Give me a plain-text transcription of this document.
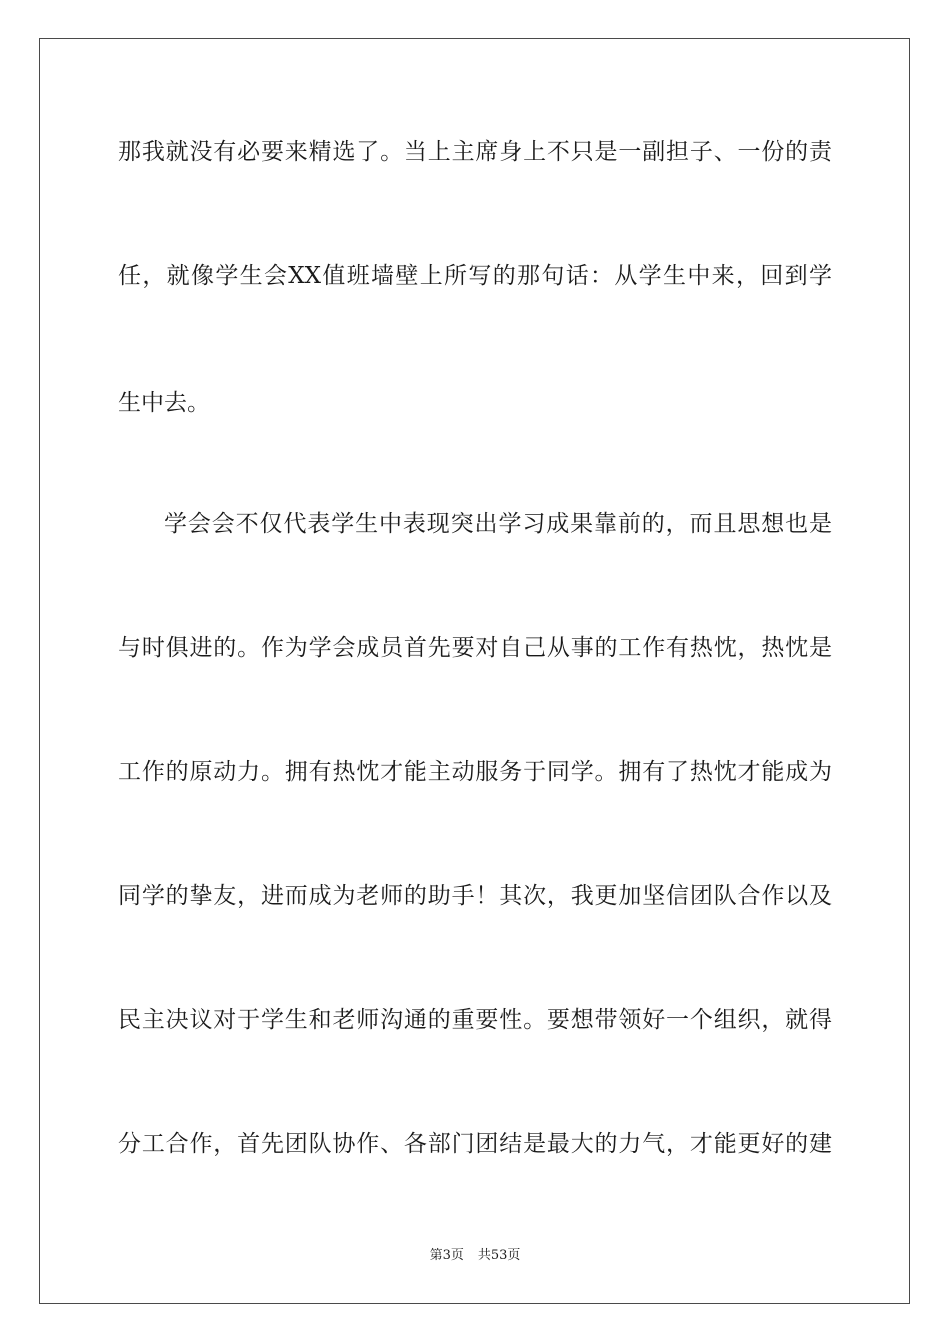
那我就没有必要来精选了。当上主席身上不只是一副担子、一份的责
任，就像学生会XX值班墙壁上所写的那句话：从学生中来，回到学
生中去。
学会会不仅代表学生中表现突出学习成果靠前的，而且思想也是
与时俱进的。作为学会成员首先要对自己从事的工作有热忱，热忱是
工作的原动力。拥有热忱才能主动服务于同学。拥有了热忱才能成为
同学的挚友，进而成为老师的助手！其次，我更加坚信团队合作以及
民主决议对于学生和老师沟通的重要性。要想带领好一个组织，就得
分工合作，首先团队协作、各部门团结是最大的力气，才能更好的建
第3页 共53页
